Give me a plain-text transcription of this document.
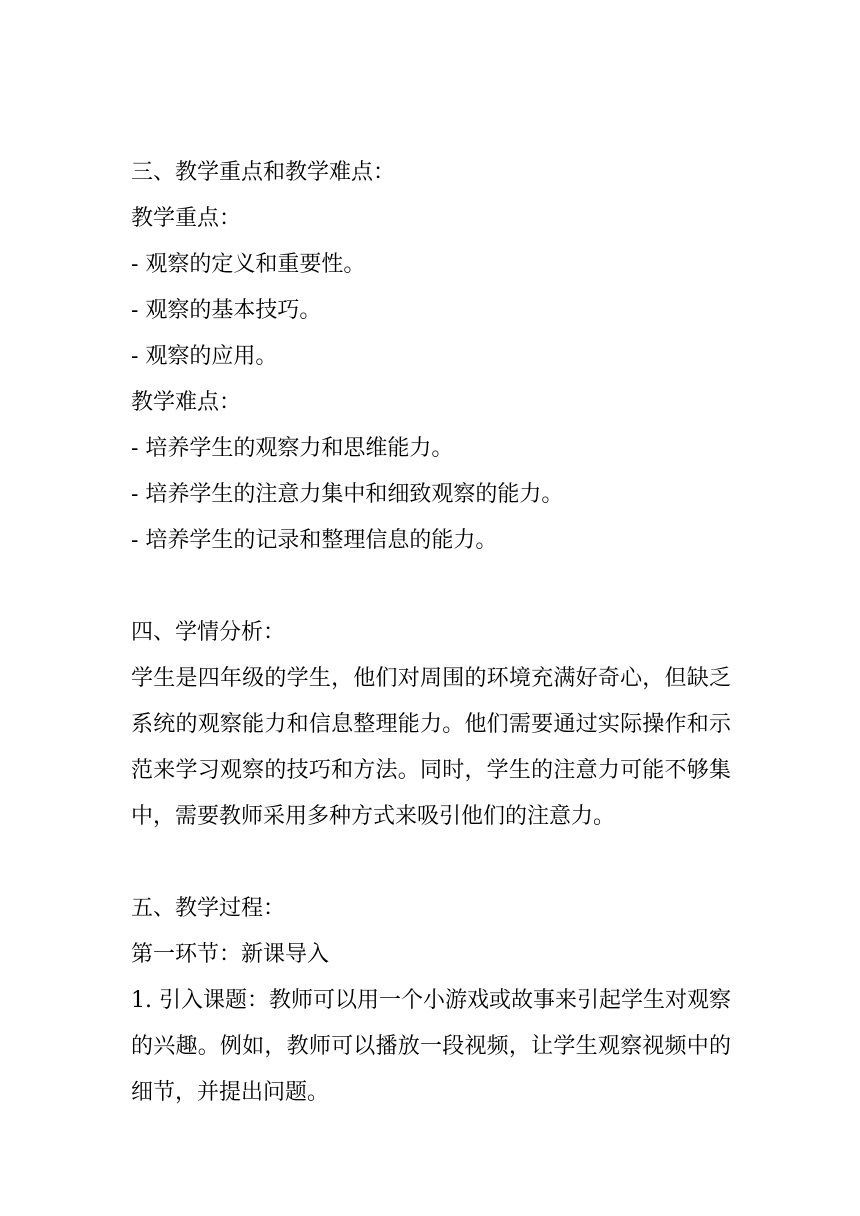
三、教学重点和教学难点：
教学重点：
- 观察的定义和重要性。
- 观察的基本技巧。
- 观察的应用。
教学难点：
- 培养学生的观察力和思维能力。
- 培养学生的注意力集中和细致观察的能力。
- 培养学生的记录和整理信息的能力。
四、学情分析：

学生是四年级的学生，他们对周围的环境充满好奇心，但缺乏系统的观察能力和信息整理能力。他们需要通过实际操作和示范来学习观察的技巧和方法。同时，学生的注意力可能不够集中，需要教师采用多种方式来吸引他们的注意力。

五、教学过程：
第一环节：新课导入

1. 引入课题：教师可以用一个小游戏或故事来引起学生对观察的兴趣。例如，教师可以播放一段视频，让学生观察视频中的细节，并提出问题。
